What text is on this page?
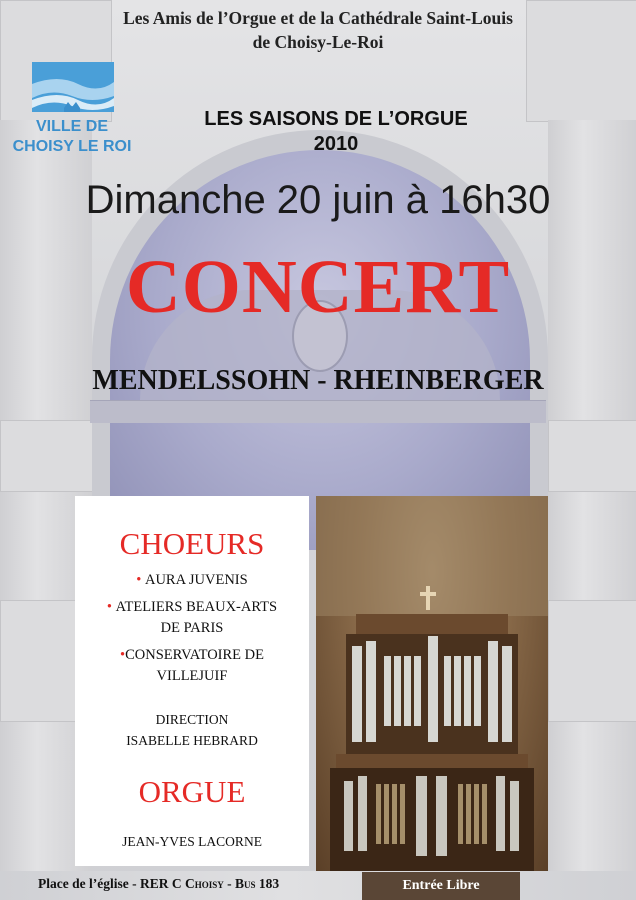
Les Amis de l’Orgue et de la Cathédrale Saint-Louis

de Choisy-Le-Roi

VILLE DE
CHOISY LE ROI

LES SAISONS DE L’ORGUE

2010

Dimanche 20 juin à 16h30

CONCERT

MENDELSSOHN - RHEINBERGER

CHOEURS

• AURA JUVENIS

• ATELIERS BEAUX-ARTS

DE PARIS

•CONSERVATOIRE DE

VILLEJUIF

DIRECTION

ISABELLE HEBRARD

ORGUE

JEAN-YVES LACORNE

Place de l’église - RER C Choisy - Bus 183	Entrée Libre
